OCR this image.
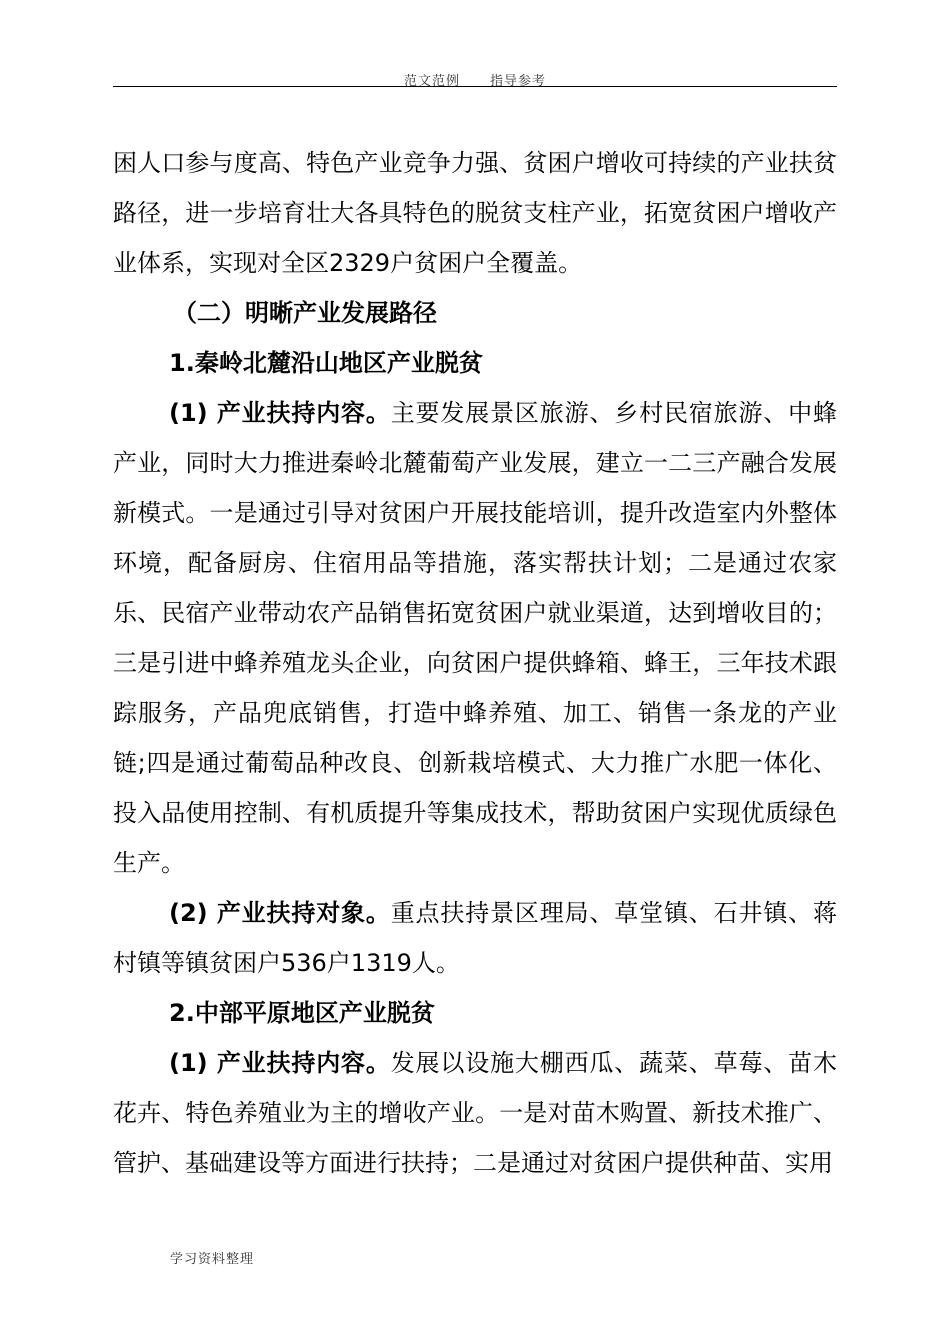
范文范例 指导参考

困人口参与度高、特色产业竞争力强、贫困户增收可持续的产业扶贫路径，进一步培育壮大各具特色的脱贫支柱产业，拓宽贫困户增收产业体系，实现对全区2329户贫困户全覆盖。

（二）明晰产业发展路径

1.秦岭北麓沿山地区产业脱贫

(1) 产业扶持内容。主要发展景区旅游、乡村民宿旅游、中蜂产业，同时大力推进秦岭北麓葡萄产业发展，建立一二三产融合发展新模式。一是通过引导对贫困户开展技能培训，提升改造室内外整体环境，配备厨房、住宿用品等措施，落实帮扶计划；二是通过农家乐、民宿产业带动农产品销售拓宽贫困户就业渠道，达到增收目的；三是引进中蜂养殖龙头企业，向贫困户提供蜂箱、蜂王，三年技术跟踪服务，产品兜底销售，打造中蜂养殖、加工、销售一条龙的产业链;四是通过葡萄品种改良、创新栽培模式、大力推广水肥一体化、投入品使用控制、有机质提升等集成技术，帮助贫困户实现优质绿色生产。

(2) 产业扶持对象。重点扶持景区理局、草堂镇、石井镇、蒋村镇等镇贫困户536户1319人。

2.中部平原地区产业脱贫

(1) 产业扶持内容。发展以设施大棚西瓜、蔬菜、草莓、苗木花卉、特色养殖业为主的增收产业。一是对苗木购置、新技术推广、管护、基础建设等方面进行扶持；二是通过对贫困户提供种苗、实用

学习资料整理
